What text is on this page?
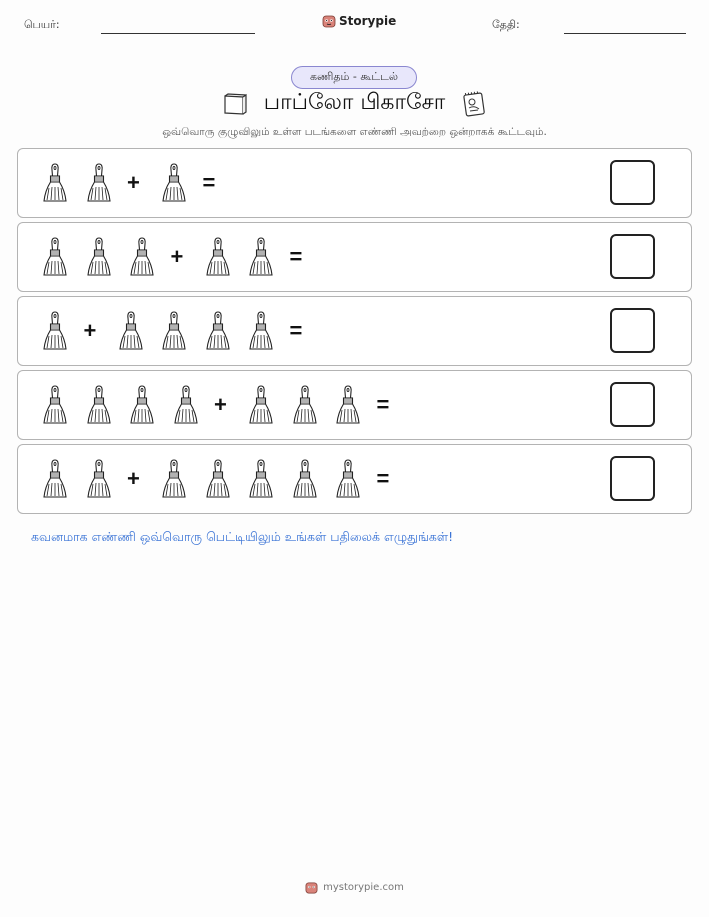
பெயர்:	Storypie	தேதி:
கணிதம் - கூட்டல்
பாப்லோ பிகாசோ
ஒவ்வொரு குழுவிலும் உள்ள படங்களை எண்ணி அவற்றை ஒன்றாகக் கூட்டவும்.
+	=
+	=
+	=
+	=
+	=
கவனமாக எண்ணி ஒவ்வொரு பெட்டியிலும் உங்கள் பதிலைக் எழுதுங்கள்!
mystorypie.com
